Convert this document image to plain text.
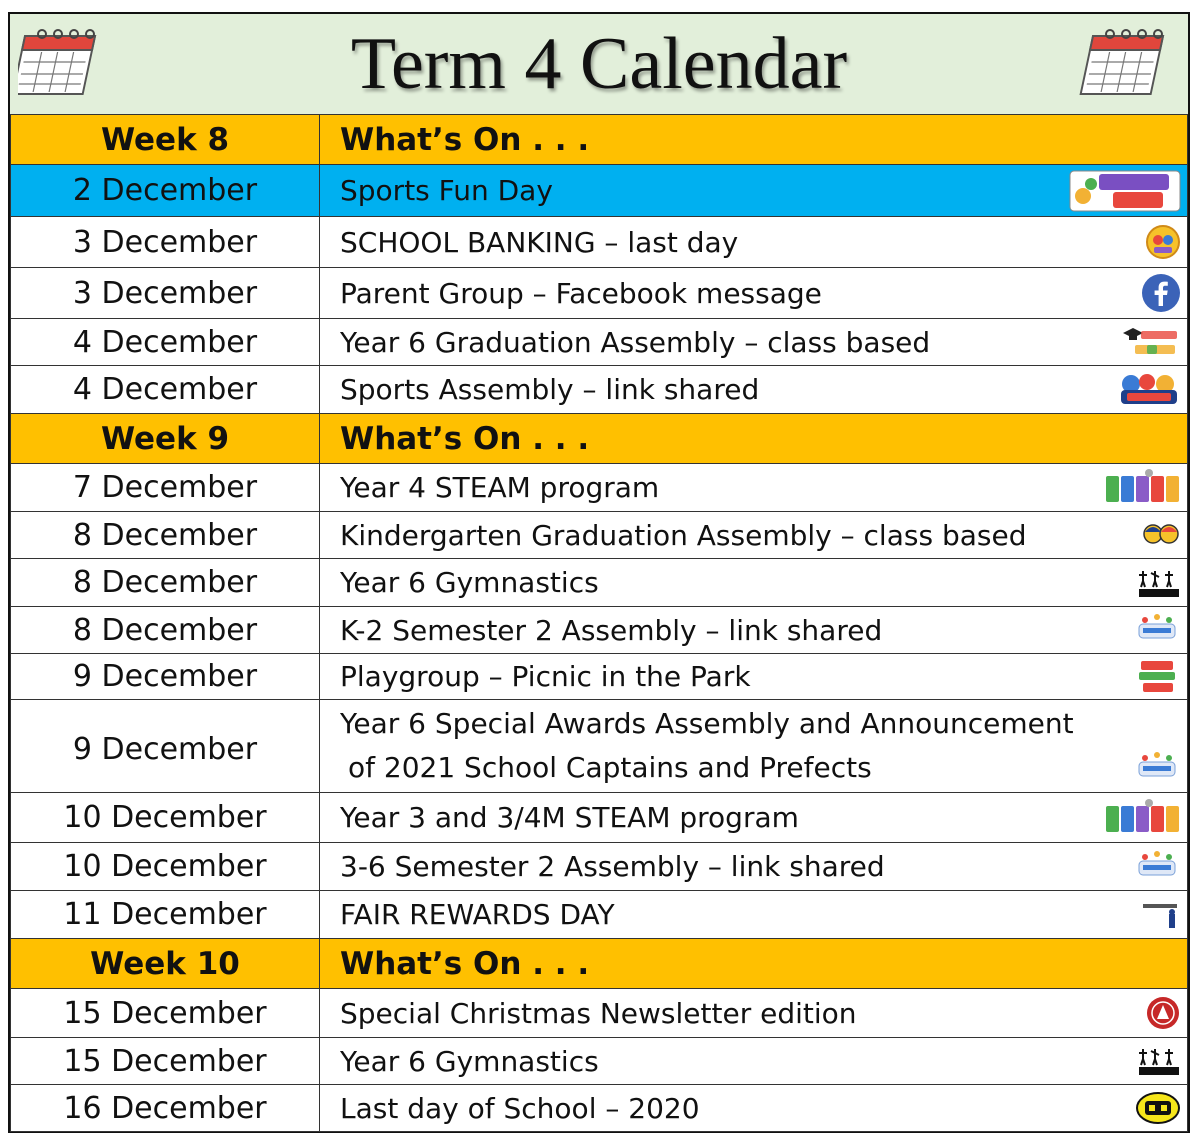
Term 4 Calendar
Week 8	What’s On . . .
2 December	Sports Fun Day

3 December	SCHOOL BANKING – last day

3 December	Parent Group – Facebook message

4 December	Year 6 Graduation Assembly – class based

4 December	Sports Assembly – link shared

Week 9	What’s On . . .
7 December	Year 4 STEAM program

8 December	Kindergarten Graduation Assembly – class based

8 December	Year 6 Gymnastics

8 December	K-2 Semester 2 Assembly – link shared

9 December	Playgroup – Picnic in the Park

9 December	Year 6 Special Awards Assembly and Announcement
of 2021 School Captains and Prefects

10 December	Year 3 and 3/4M STEAM program

10 December	3-6 Semester 2 Assembly – link shared

11 December	FAIR REWARDS DAY

Week 10	What’s On . . .
15 December	Special Christmas Newsletter edition

15 December	Year 6 Gymnastics

16 December	Last day of School – 2020
